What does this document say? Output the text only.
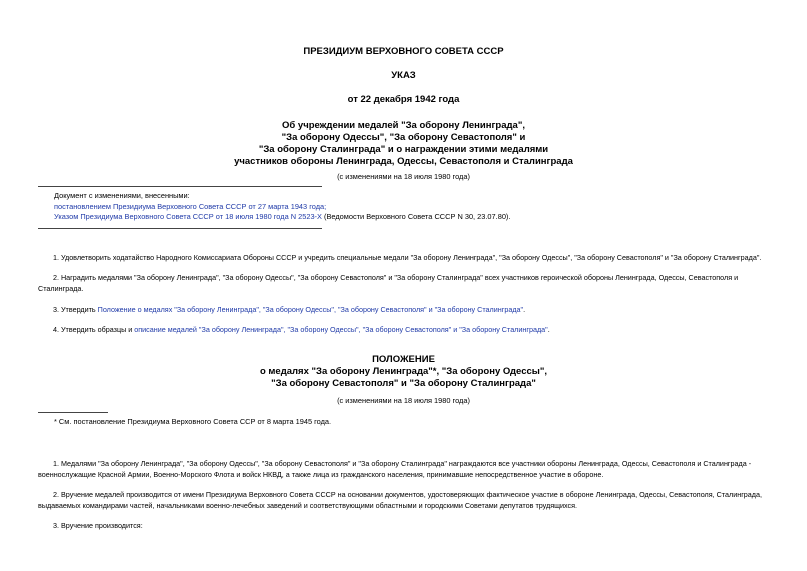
ПРЕЗИДИУМ ВЕРХОВНОГО СОВЕТА СССР
УКАЗ
от 22 декабря 1942 года
Об учреждении медалей "За оборону Ленинграда",
"За оборону Одессы", "За оборону Севастополя" и
"За оборону Сталинграда" и о награждении этими медалями
участников обороны Ленинграда, Одессы, Севастополя и Сталинграда
(с изменениями на 18 июля 1980 года)
Документ с изменениями, внесенными:
постановлением Президиума Верховного Совета СССР от 27 марта 1943 года;
Указом Президиума Верховного Совета СССР от 18 июля 1980 года N 2523-X (Ведомости Верховного Совета СССР N 30, 23.07.80).
1. Удовлетворить ходатайство Народного Комиссариата Обороны СССР и учредить специальные медали "За оборону Ленинграда", "За оборону Одессы", "За оборону Севастополя" и "За оборону Сталинграда".
2. Наградить медалями "За оборону Ленинграда", "За оборону Одессы", "За оборону Севастополя" и "За оборону Сталинграда" всех участников героической обороны Ленинграда, Одессы, Севастополя и Сталинграда.
3. Утвердить Положение о медалях "За оборону Ленинграда", "За оборону Одессы", "За оборону Севастополя" и "За оборону Сталинграда".
4. Утвердить образцы и описание медалей "За оборону Ленинграда", "За оборону Одессы", "За оборону Севастополя" и "За оборону Сталинграда".
ПОЛОЖЕНИЕ
о медалях "За оборону Ленинграда"*, "За оборону Одессы",
"За оборону Севастополя" и "За оборону Сталинграда"
(с изменениями на 18 июля 1980 года)
* См. постановление Президиума Верховного Совета ССР от 8 марта 1945 года.
1. Медалями "За оборону Ленинграда", "За оборону Одессы", "За оборону Севастополя" и "За оборону Сталинграда" награждаются все участники обороны Ленинграда, Одессы, Севастополя и Сталинграда - военнослужащие Красной Армии, Военно-Морского Флота и войск НКВД, а также лица из гражданского населения, принимавшие непосредственное участие в обороне.
2. Вручение медалей производится от имени Президиума Верховного Совета СССР на основании документов, удостоверяющих фактическое участие в обороне Ленинграда, Одессы, Севастополя, Сталинграда, выдаваемых командирами частей, начальниками военно-лечебных заведений и соответствующими областными и городскими Советами депутатов трудящихся.
3. Вручение производится:
